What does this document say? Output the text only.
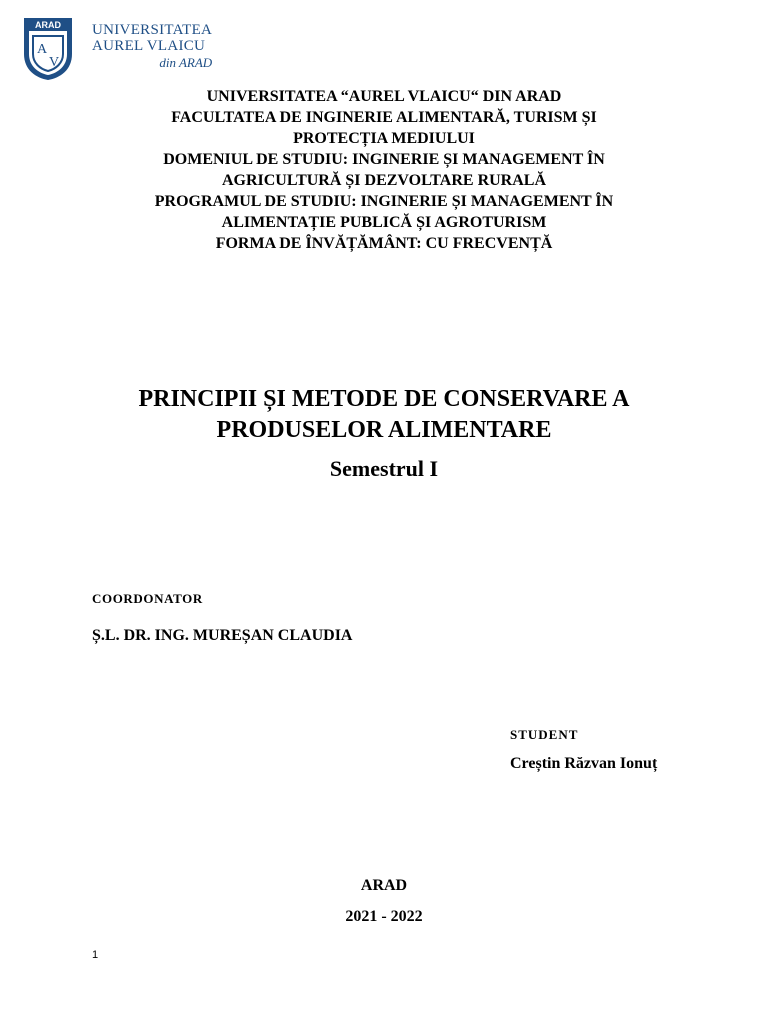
ARAD
A
V
UNIVERSITATEA
AUREL VLAICU
din ARAD
UNIVERSITATEA “AUREL VLAICU“ DIN ARAD
FACULTATEA DE INGINERIE ALIMENTARĂ, TURISM ȘI
PROTECȚIA MEDIULUI
DOMENIUL DE STUDIU: INGINERIE ȘI MANAGEMENT ÎN
AGRICULTURĂ ȘI DEZVOLTARE RURALĂ
PROGRAMUL DE STUDIU: INGINERIE ȘI MANAGEMENT ÎN
ALIMENTAȚIE PUBLICĂ ȘI AGROTURISM
FORMA DE ÎNVĂȚĂMÂNT: CU FRECVENȚĂ
PRINCIPII ȘI METODE DE CONSERVARE A
PRODUSELOR ALIMENTARE
Semestrul I
COORDONATOR
Ș.L. DR. ING. MUREȘAN CLAUDIA
STUDENT
Creștin Răzvan Ionuț
ARAD
2021 - 2022
1
